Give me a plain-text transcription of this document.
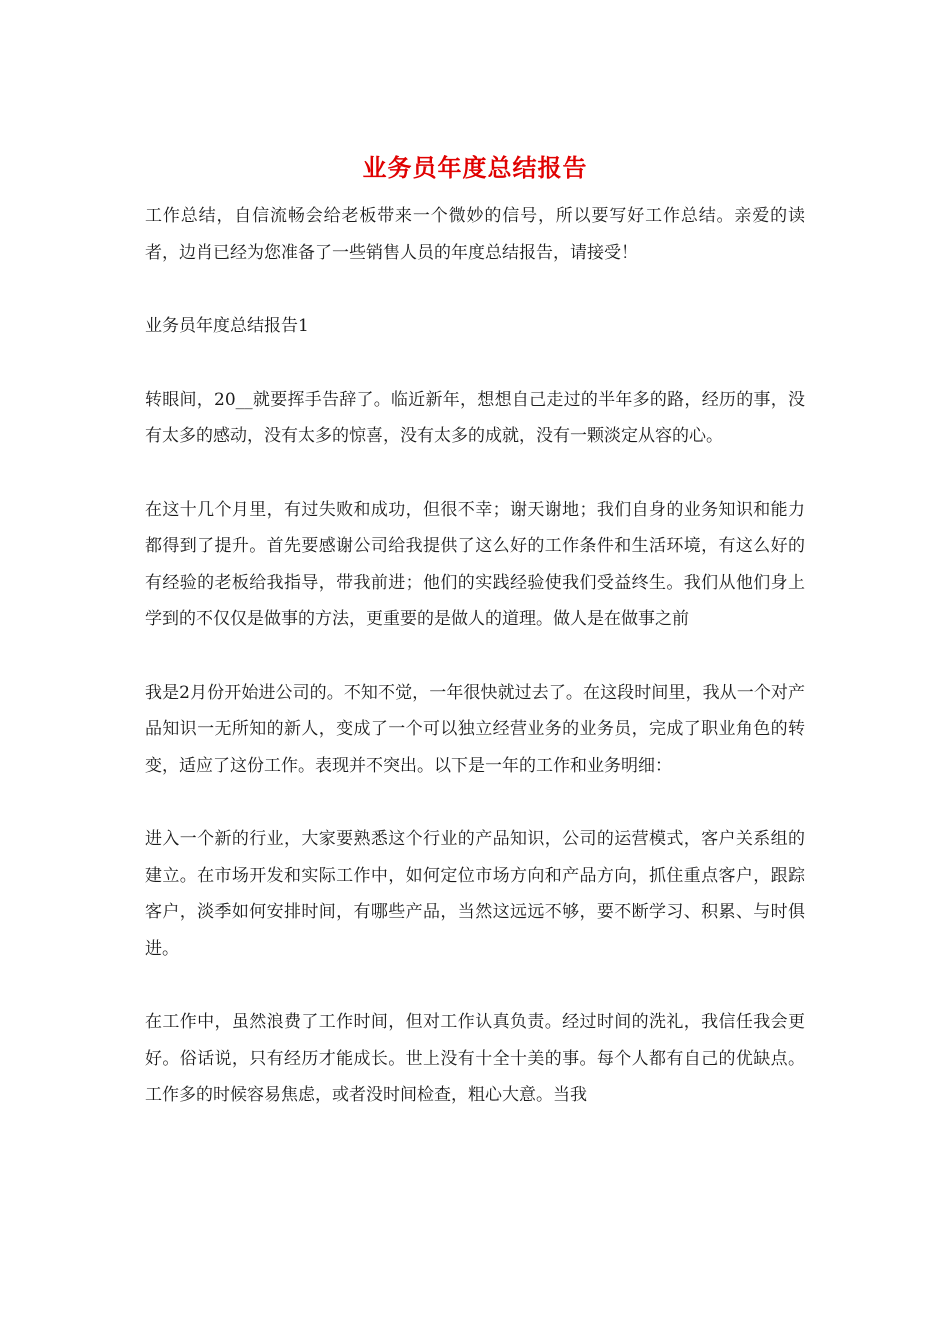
业务员年度总结报告

工作总结，自信流畅会给老板带来一个微妙的信号，所以要写好工作总结。亲爱的读者，边肖已经为您准备了一些销售人员的年度总结报告，请接受！

业务员年度总结报告1

转眼间，20__就要挥手告辞了。临近新年，想想自己走过的半年多的路，经历的事，没有太多的感动，没有太多的惊喜，没有太多的成就，没有一颗淡定从容的心。

在这十几个月里，有过失败和成功，但很不幸；谢天谢地；我们自身的业务知识和能力都得到了提升。首先要感谢公司给我提供了这么好的工作条件和生活环境，有这么好的有经验的老板给我指导，带我前进；他们的实践经验使我们受益终生。我们从他们身上学到的不仅仅是做事的方法，更重要的是做人的道理。做人是在做事之前

我是2月份开始进公司的。不知不觉，一年很快就过去了。在这段时间里，我从一个对产品知识一无所知的新人，变成了一个可以独立经营业务的业务员，完成了职业角色的转变，适应了这份工作。表现并不突出。以下是一年的工作和业务明细：

进入一个新的行业，大家要熟悉这个行业的产品知识，公司的运营模式，客户关系组的建立。在市场开发和实际工作中，如何定位市场方向和产品方向，抓住重点客户，跟踪客户，淡季如何安排时间，有哪些产品，当然这远远不够，要不断学习、积累、与时俱进。

在工作中，虽然浪费了工作时间，但对工作认真负责。经过时间的洗礼，我信任我会更好。俗话说，只有经历才能成长。世上没有十全十美的事。每个人都有自己的优缺点。工作多的时候容易焦虑，或者没时间检查，粗心大意。当我
